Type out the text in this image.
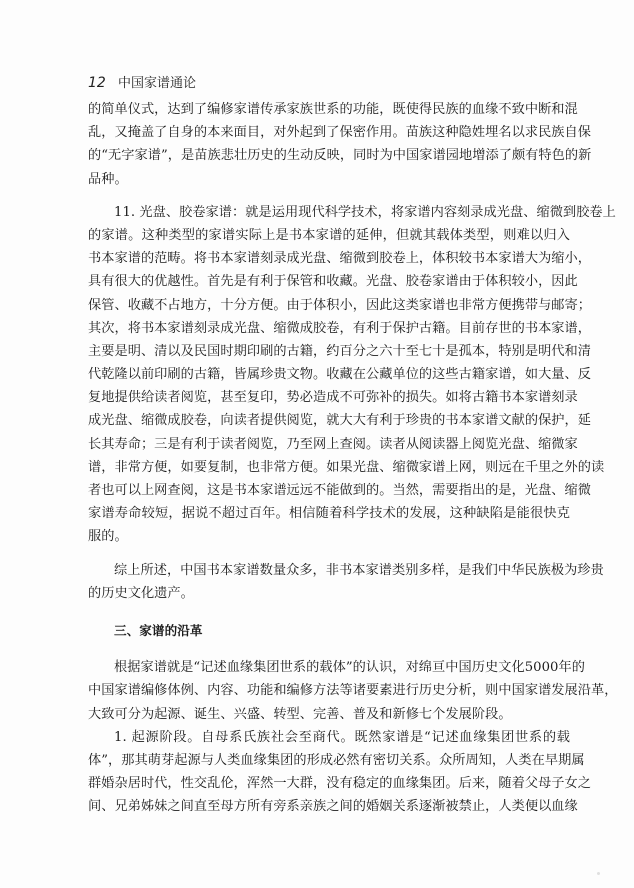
12 中国家谱通论
的简单仪式，达到了编修家谱传承家族世系的功能，既使得民族的血缘不致中断和混
乱，又掩盖了自身的本来面目，对外起到了保密作用。苗族这种隐姓埋名以求民族自保
的“无字家谱”，是苗族悲壮历史的生动反映，同时为中国家谱园地增添了颇有特色的新
品种。
11. 光盘、胶卷家谱：就是运用现代科学技术，将家谱内容刻录成光盘、缩微到胶卷上
的家谱。这种类型的家谱实际上是书本家谱的延伸，但就其载体类型，则难以归入
书本家谱的范畴。将书本家谱刻录成光盘、缩微到胶卷上，体积较书本家谱大为缩小，
具有很大的优越性。首先是有利于保管和收藏。光盘、胶卷家谱由于体积较小，因此
保管、收藏不占地方，十分方便。由于体积小，因此这类家谱也非常方便携带与邮寄；
其次，将书本家谱刻录成光盘、缩微成胶卷，有利于保护古籍。目前存世的书本家谱，
主要是明、清以及民国时期印刷的古籍，约百分之六十至七十是孤本，特别是明代和清
代乾隆以前印刷的古籍，皆属珍贵文物。收藏在公藏单位的这些古籍家谱，如大量、反
复地提供给读者阅览，甚至复印，势必造成不可弥补的损失。如将古籍书本家谱刻录
成光盘、缩微成胶卷，向读者提供阅览，就大大有利于珍贵的书本家谱文献的保护，延
长其寿命；三是有利于读者阅览，乃至网上查阅。读者从阅读器上阅览光盘、缩微家
谱，非常方便，如要复制，也非常方便。如果光盘、缩微家谱上网，则远在千里之外的读
者也可以上网查阅，这是书本家谱远远不能做到的。当然，需要指出的是，光盘、缩微
家谱寿命较短，据说不超过百年。相信随着科学技术的发展，这种缺陷是能很快克
服的。
综上所述，中国书本家谱数量众多，非书本家谱类别多样，是我们中华民族极为珍贵
的历史文化遗产。
三、家谱的沿革
根据家谱就是“记述血缘集团世系的载体”的认识，对绵亘中国历史文化5000年的
中国家谱编修体例、内容、功能和编修方法等诸要素进行历史分析，则中国家谱发展沿革，
大致可分为起源、诞生、兴盛、转型、完善、普及和新修七个发展阶段。
1. 起源阶段。自母系氏族社会至商代。既然家谱是“记述血缘集团世系的载
体”，那其萌芽起源与人类血缘集团的形成必然有密切关系。众所周知，人类在早期属
群婚杂居时代，性交乱伦，浑然一大群，没有稳定的血缘集团。后来，随着父母子女之
间、兄弟姊妹之间直至母方所有旁系亲族之间的婚姻关系逐渐被禁止，人类便以血缘
